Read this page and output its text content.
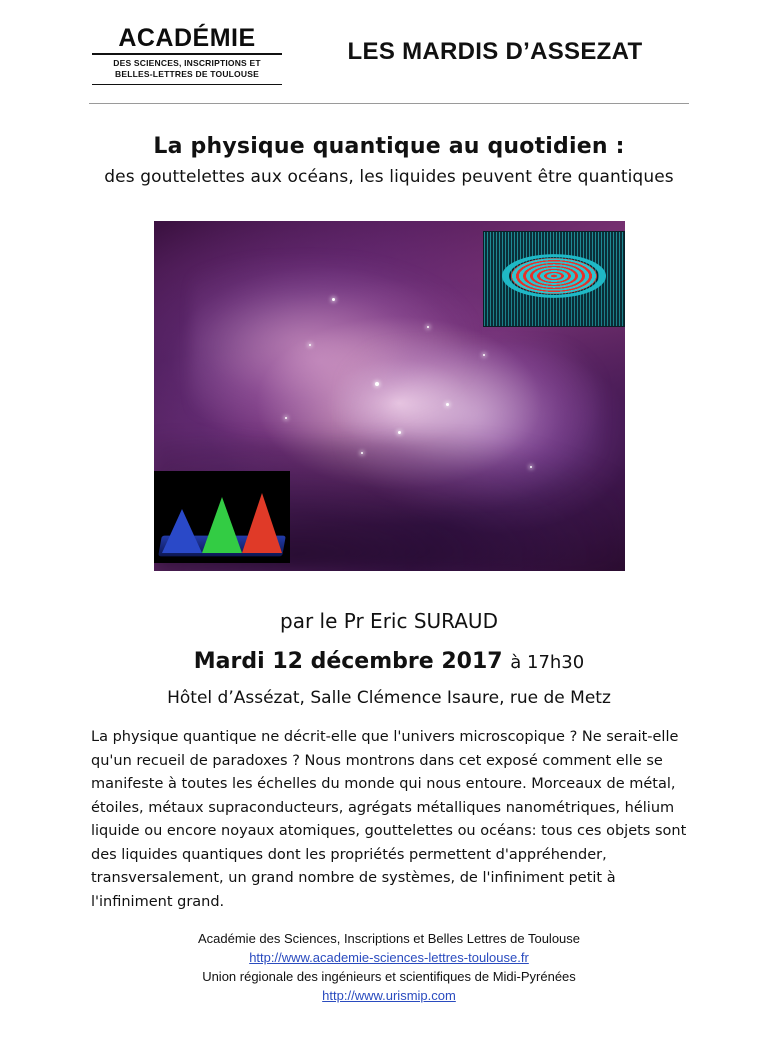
ACADÉMIE
DES SCIENCES, INSCRIPTIONS ET
BELLES-LETTRES DE TOULOUSE
LES MARDIS D’ASSEZAT
La physique quantique au quotidien :
des gouttelettes aux océans, les liquides peuvent être quantiques
par le Pr Eric SURAUD
Mardi 12 décembre 2017 à 17h30
Hôtel d’Assézat, Salle Clémence Isaure, rue de Metz
La physique quantique ne décrit-elle que l'univers microscopique ? Ne serait-elle qu'un recueil de paradoxes ? Nous montrons dans cet exposé comment elle se manifeste à toutes les échelles du monde qui nous entoure. Morceaux de métal, étoiles, métaux supraconducteurs, agrégats métalliques nanométriques, hélium liquide ou encore noyaux atomiques, gouttelettes ou océans: tous ces objets sont des liquides quantiques dont les propriétés permettent d'appréhender, transversalement, un grand nombre de systèmes, de l'infiniment petit à l'infiniment grand.
Académie des Sciences, Inscriptions et Belles Lettres de Toulouse
http://www.academie-sciences-lettres-toulouse.fr
Union régionale des ingénieurs et scientifiques de Midi-Pyrénées
http://www.urismip.com
